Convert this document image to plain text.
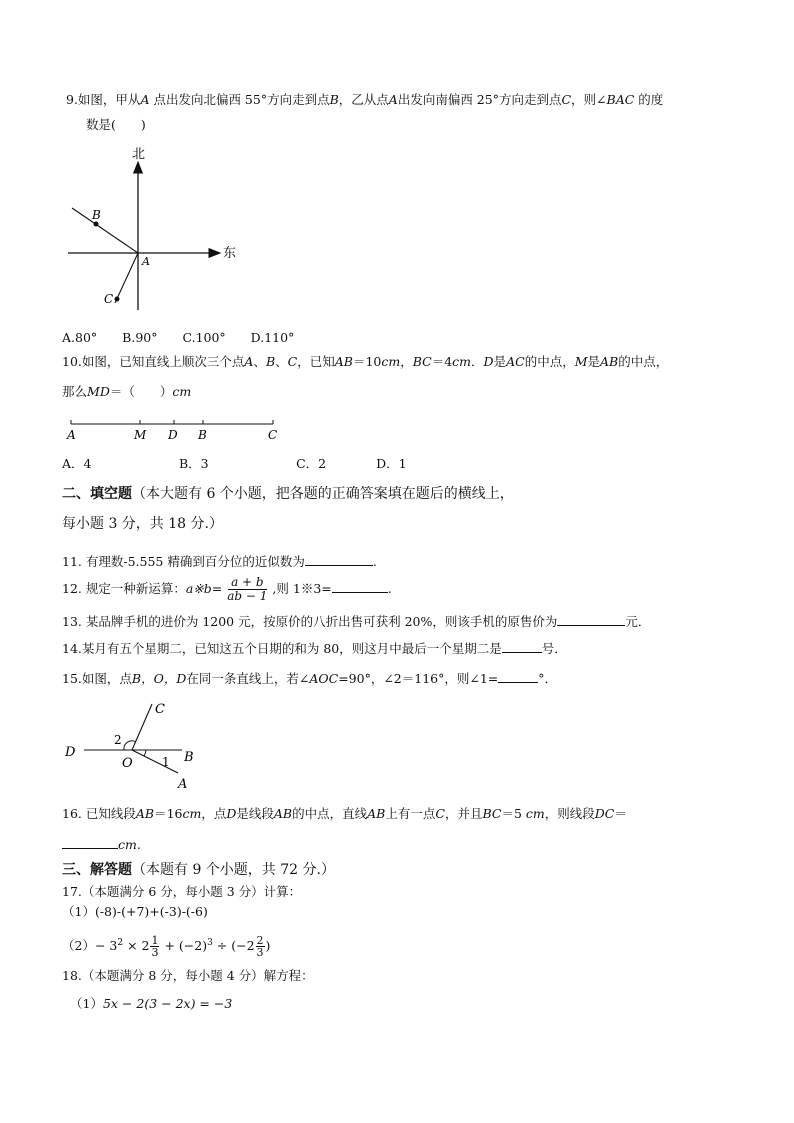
9.如图，甲从A 点出发向北偏西 55°方向走到点B，乙从点A出发向南偏西 25°方向走到点C，则∠BAC 的度
数是(　　)
北
东
B
A
C
A.80°　　B.90°　　C.100°　　D.110°
10.如图，已知直线上顺次三个点A、B、C，已知AB＝10cm，BC＝4cm．D是AC的中点，M是AB的中点，
那么MD＝（　　）cm
A	M D B	C
A．4　　　　　　　B．3　　　　　　　C．2　　　　D．1
二、填空题（本大题有 6 个小题，把各题的正确答案填在题后的横线上，
每小题 3 分，共 18 分.）
11. 有理数-5.555 精确到百分位的近似数为	.
12. 规定一种新运算：a※b= $\frac{a + b}{ab - 1}$ ,则 1※3=	.
13. 某品牌手机的进价为 1200 元，按原价的八折出售可获利 20%，则该手机的原售价为	元．
14.某月有五个星期二，已知这五个日期的和为 80，则这月中最后一个星期二是	号．
15.如图，点B，O，D在同一条直线上，若∠AOC=90°，∠2＝116°，则∠1=	°．
C
2
D
O 1 B
A
16. 已知线段AB＝16cm，点D是线段AB的中点，直线AB上有一点C，并且BC＝5 cm，则线段DC＝
cm.
三、解答题（本题有 9 个小题，共 72 分.）
17.（本题满分 6 分，每小题 3 分）计算：
（1）(-8)-(+7)+(-3)-(-6)
$(2)- 3^2 \times 2 \frac{1}{3} + (-2)^3 \div (-2 \frac{2}{3}$ )
18.（本题满分 8 分，每小题 4 分）解方程：
（1）5x − 2(3 − 2x) = −3
